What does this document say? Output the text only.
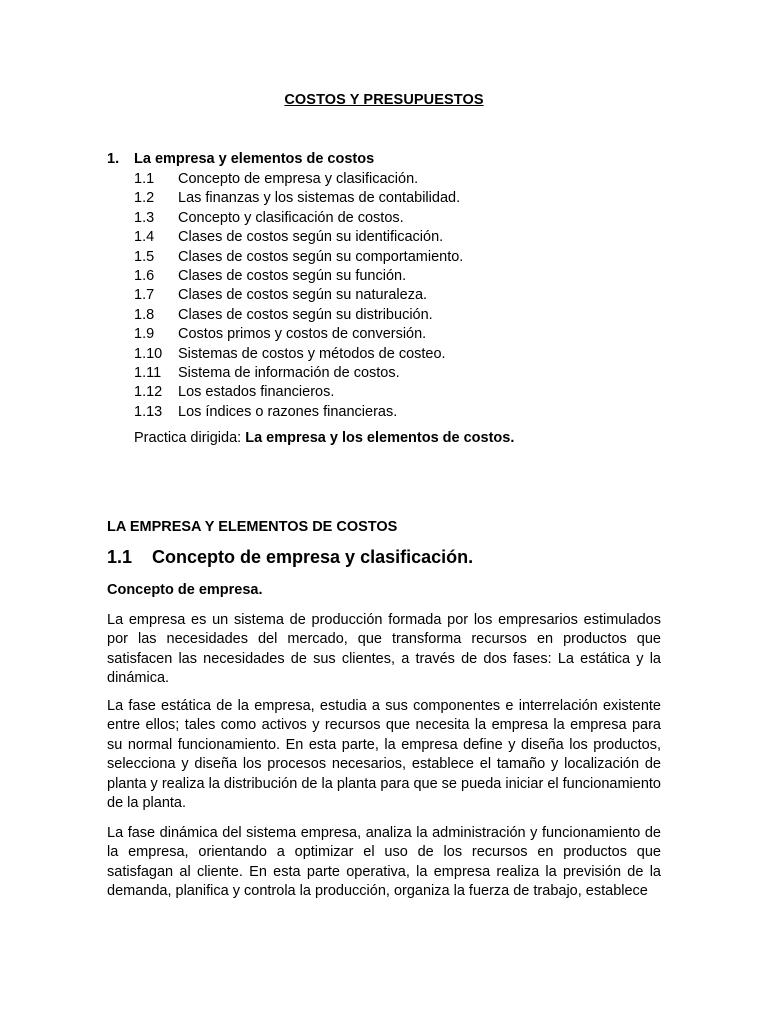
COSTOS Y PRESUPUESTOS
1. La empresa y elementos de costos
1.1 Concepto de empresa y clasificación.
1.2 Las finanzas y los sistemas de contabilidad.
1.3 Concepto y clasificación de costos.
1.4 Clases de costos según su identificación.
1.5 Clases de costos según su comportamiento.
1.6 Clases de costos según su función.
1.7 Clases de costos según su naturaleza.
1.8 Clases de costos según su distribución.
1.9 Costos primos y costos de conversión.
1.10 Sistemas de costos y métodos de costeo.
1.11 Sistema de información de costos.
1.12 Los estados financieros.
1.13 Los índices o razones financieras.
Practica dirigida: La empresa y los elementos de costos.
LA EMPRESA Y ELEMENTOS DE COSTOS
1.1 Concepto de empresa y clasificación.
Concepto de empresa.

La empresa es un sistema de producción formada por los empresarios estimulados por las necesidades del mercado, que transforma recursos en productos que satisfacen las necesidades de sus clientes, a través de dos fases: La estática y la dinámica.

La fase estática de la empresa, estudia a sus componentes e interrelación existente entre ellos; tales como activos y recursos que necesita la empresa la empresa para su normal funcionamiento. En esta parte, la empresa define y diseña los productos, selecciona y diseña los procesos necesarios, establece el tamaño y localización de planta y realiza la distribución de la planta para que se pueda iniciar el funcionamiento de la planta.

La fase dinámica del sistema empresa, analiza la administración y funcionamiento de la empresa, orientando a optimizar el uso de los recursos en productos que satisfagan al cliente. En esta parte operativa, la empresa realiza la previsión de la demanda, planifica y controla la producción, organiza la fuerza de trabajo, establece
